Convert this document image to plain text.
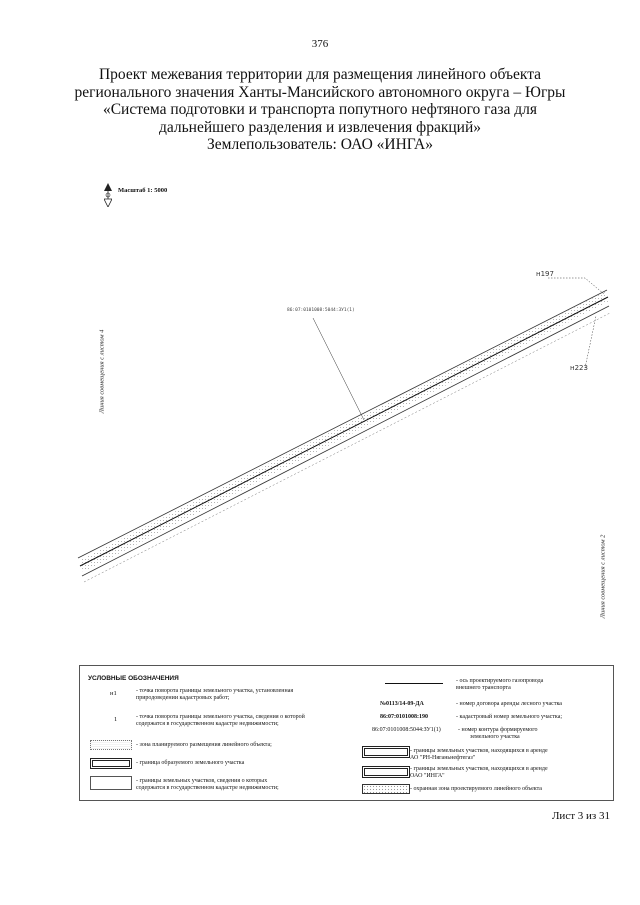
376
Проект межевания территории для размещения линейного объекта
регионального значения Ханты-Мансийского автономного округа – Югры
«Система подготовки и транспорта попутного нефтяного газа для
дальнейшего разделения и извлечения фракций»
Землепользователь: ОАО «ИНГА»
Масштаб 1: 5000
Линия совмещения с листом 4
Линия совмещения с листом 2
н197
н223
86:07:0101008:5044:ЗУ1(1)
УСЛОВНЫЕ ОБОЗНАЧЕНИЯ
н1	- точка поворота границы земельного участка, установленная
природоведении кадастровых работ;
1	- точка поворота границы земельного участка, сведения о которой
содержатся в государственном кадастре недвижимости;
- зона планируемого размещения линейного объекта;
- граница образуемого земельного участка
- границы земельных участков, сведения о которых
содержатся в государственном кадастре недвижимости;
- ось проектируемого газопровода
внешнего транспорта
№0113/14-09-ДА	- номер договора аренды лесного участка
86:07:0101008:190	- кадастровый номер земельного участка;
86:07:0101008:5044:ЗУ1(1)	- номер контура формируемого
земельного участка
- границы земельных участков, находящихся в аренде
АО "РН-Няганьнефтегаз"
- границы земельных участков, находящихся в аренде
ОАО "ИНГА"
- охранная зона проектируемого линейного объекта
Лист 3 из 31
